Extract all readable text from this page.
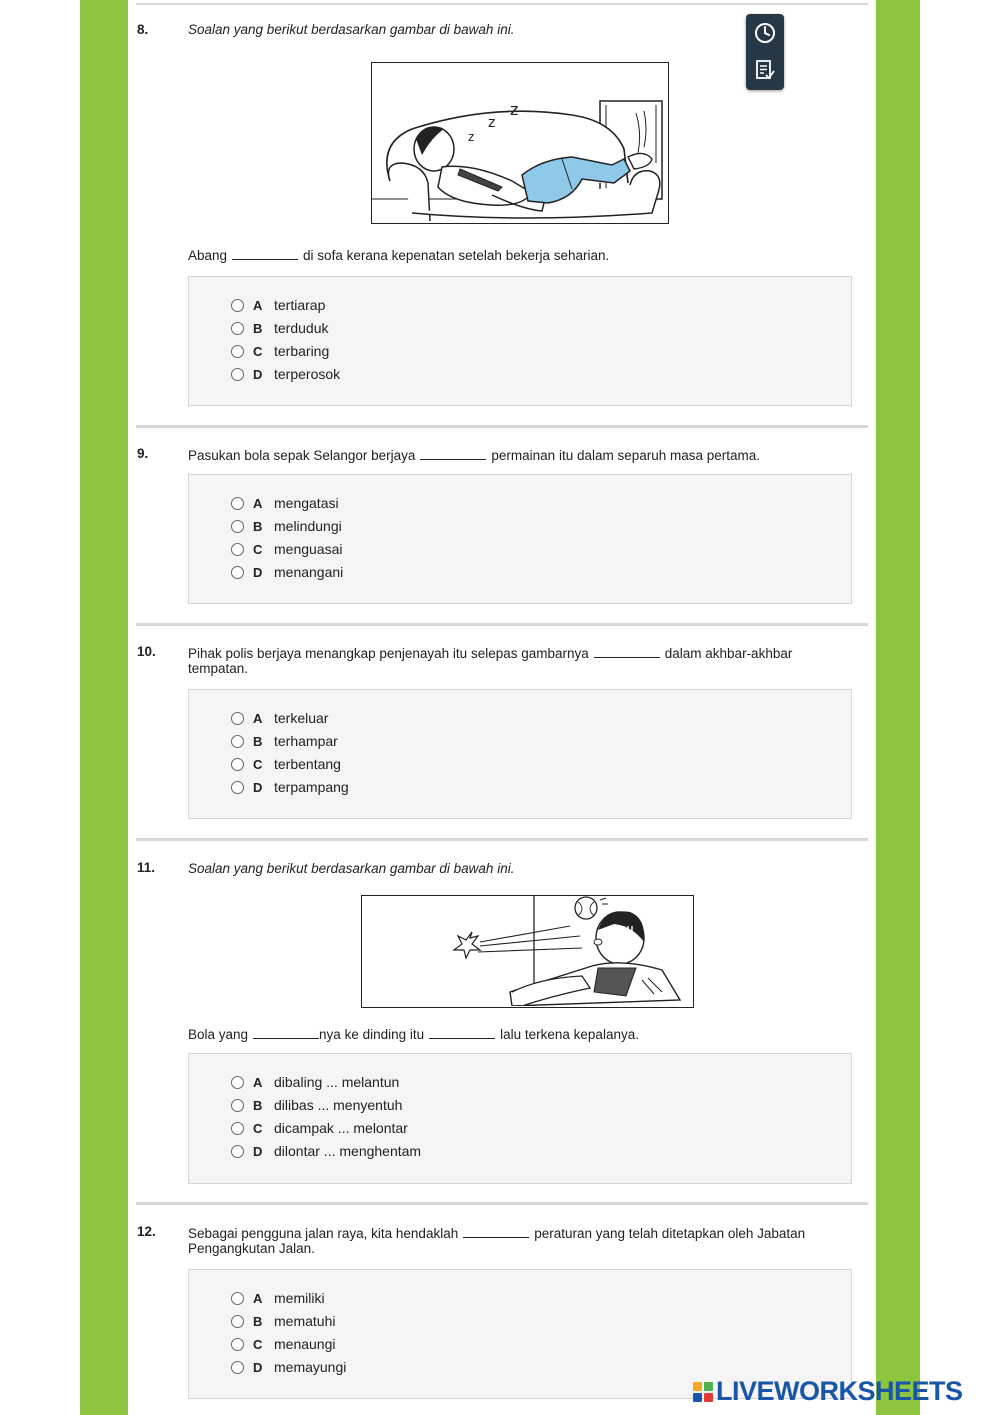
8.	Soalan yang berikut berdasarkan gambar di bawah ini.
z
z
z
Abang	di sofa kerana kepenatan setelah bekerja seharian.
A tertiarap
B terduduk
C terbaring
D terperosok
9.	Pasukan bola sepak Selangor berjaya	permainan itu dalam separuh masa pertama.
A mengatasi
B melindungi
C menguasai
D menangani
10. Pihak polis berjaya menangkap penjenayah itu selepas gambarnya	dalam akhbar-akhbar
tempatan.
A terkeluar
B terhampar
C terbentang
D terpampang
11. Soalan yang berikut berdasarkan gambar di bawah ini.
Bola yang	nya ke dinding itu	lalu terkena kepalanya.
A dibaling ... melantun
B dilibas ... menyentuh
C dicampak ... melontar
D dilontar ... menghentam
12. Sebagai pengguna jalan raya, kita hendaklah	peraturan yang telah ditetapkan oleh Jabatan
Pengangkutan Jalan.
A memiliki
B mematuhi
C menaungi
D memayungi
LIVEWORKSHEETS
